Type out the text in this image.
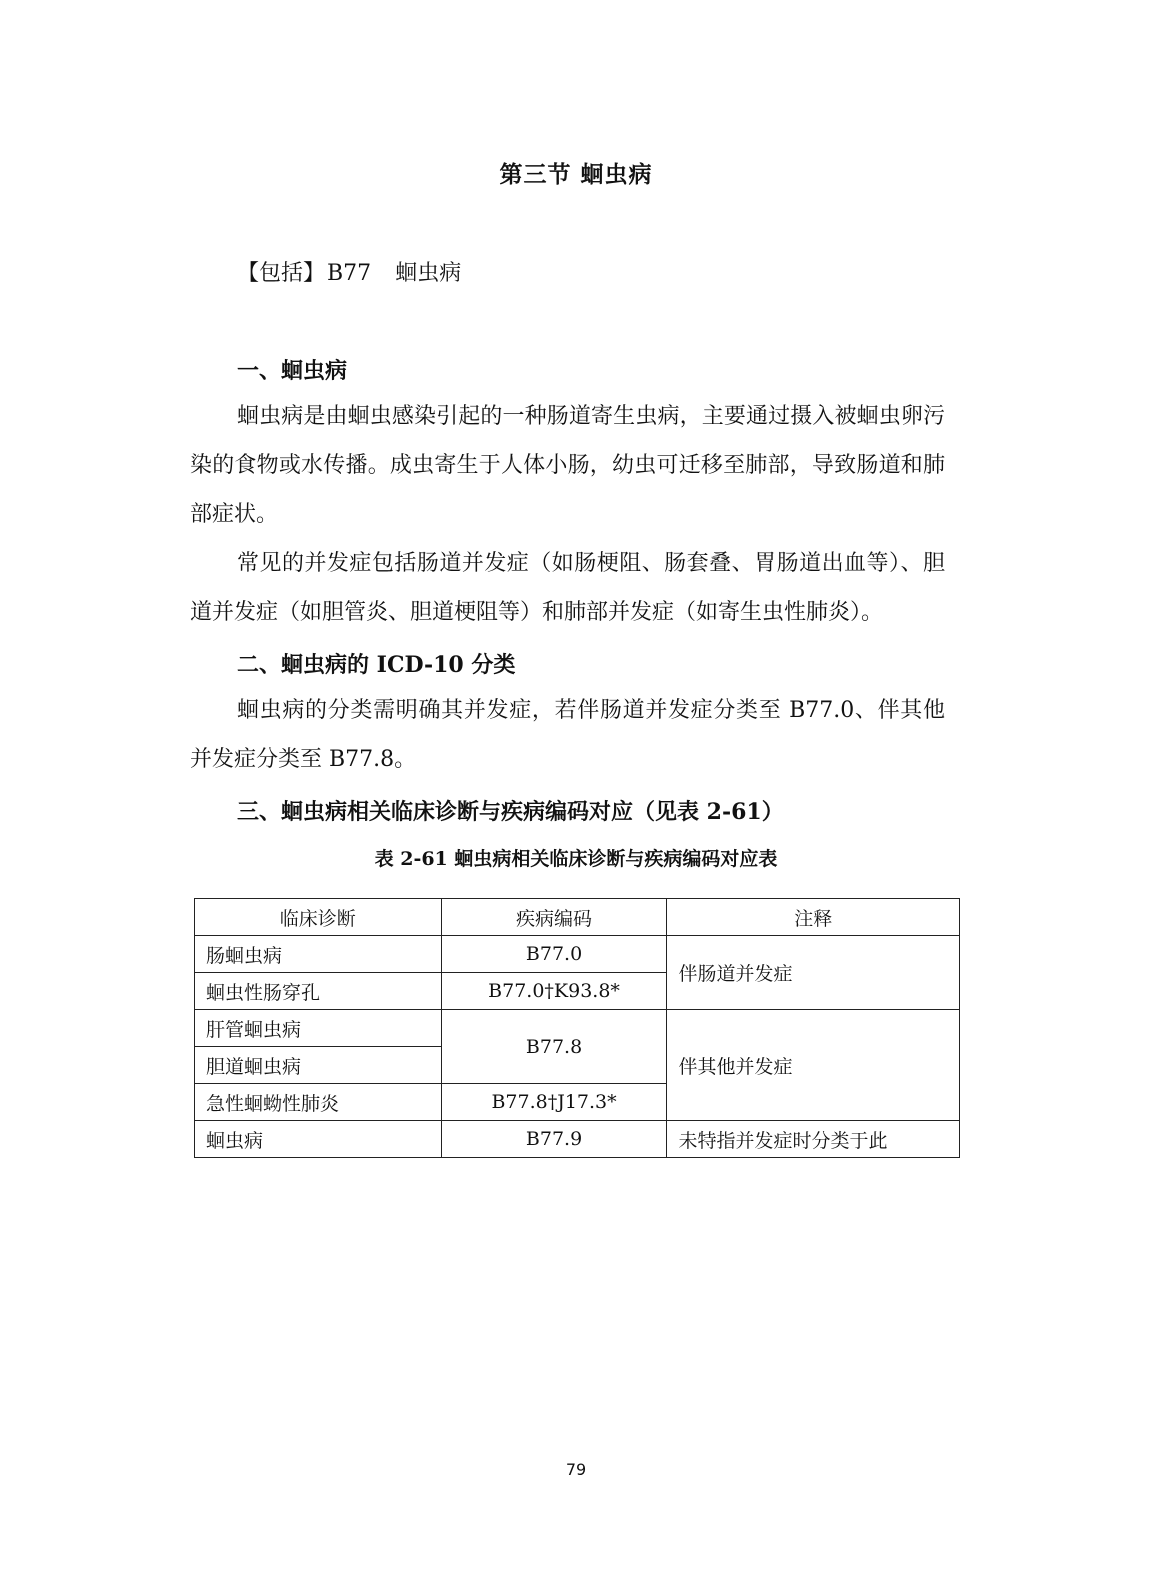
第三节 蛔虫病
【包括】B77 蛔虫病
一、蛔虫病
蛔虫病是由蛔虫感染引起的一种肠道寄生虫病，主要通过摄入被蛔虫卵污染的食物或水传播。成虫寄生于人体小肠，幼虫可迁移至肺部，导致肠道和肺部症状。
常见的并发症包括肠道并发症（如肠梗阻、肠套叠、胃肠道出血等）、胆道并发症（如胆管炎、胆道梗阻等）和肺部并发症（如寄生虫性肺炎）。
二、蛔虫病的 ICD-10 分类
蛔虫病的分类需明确其并发症，若伴肠道并发症分类至 B77.0、伴其他并发症分类至 B77.8。
三、蛔虫病相关临床诊断与疾病编码对应（见表 2-61）
表 2-61 蛔虫病相关临床诊断与疾病编码对应表
临床诊断	疾病编码	注释
肠蛔虫病	B77.0	伴肠道并发症
蛔虫性肠穿孔	B77.0†K93.8*	
肝管蛔虫病	B77.8	伴其他并发症
胆道蛔虫病		
急性蛔蚴性肺炎	B77.8†J17.3*	
蛔虫病	B77.9	未特指并发症时分类于此
79
